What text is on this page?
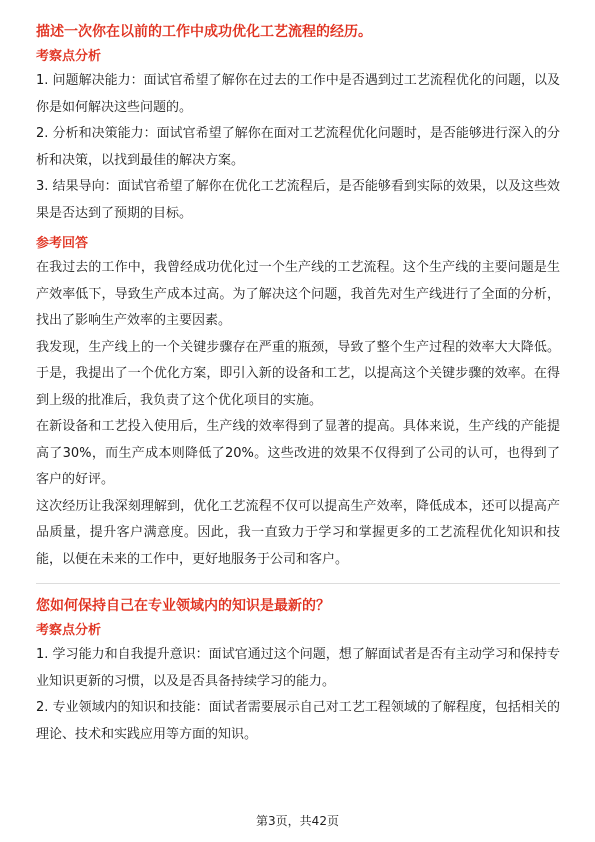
描述一次你在以前的工作中成功优化工艺流程的经历。
考察点分析

1. 问题解决能力：面试官希望了解你在过去的工作中是否遇到过工艺流程优化的问题，以及你是如何解决这些问题的。

2. 分析和决策能力：面试官希望了解你在面对工艺流程优化问题时，是否能够进行深入的分析和决策，以找到最佳的解决方案。

3. 结果导向：面试官希望了解你在优化工艺流程后，是否能够看到实际的效果，以及这些效果是否达到了预期的目标。

参考回答

在我过去的工作中，我曾经成功优化过一个生产线的工艺流程。这个生产线的主要问题是生产效率低下，导致生产成本过高。为了解决这个问题，我首先对生产线进行了全面的分析，找出了影响生产效率的主要因素。

我发现，生产线上的一个关键步骤存在严重的瓶颈，导致了整个生产过程的效率大大降低。于是，我提出了一个优化方案，即引入新的设备和工艺，以提高这个关键步骤的效率。在得到上级的批准后，我负责了这个优化项目的实施。

在新设备和工艺投入使用后，生产线的效率得到了显著的提高。具体来说，生产线的产能提高了30%，而生产成本则降低了20%。这些改进的效果不仅得到了公司的认可，也得到了客户的好评。

这次经历让我深刻理解到，优化工艺流程不仅可以提高生产效率，降低成本，还可以提高产品质量，提升客户满意度。因此，我一直致力于学习和掌握更多的工艺流程优化知识和技能，以便在未来的工作中，更好地服务于公司和客户。

您如何保持自己在专业领域内的知识是最新的？
考察点分析

1. 学习能力和自我提升意识：面试官通过这个问题，想了解面试者是否有主动学习和保持专业知识更新的习惯，以及是否具备持续学习的能力。

2. 专业领域内的知识和技能：面试者需要展示自己对工艺工程领域的了解程度，包括相关的理论、技术和实践应用等方面的知识。

第3页，共42页
